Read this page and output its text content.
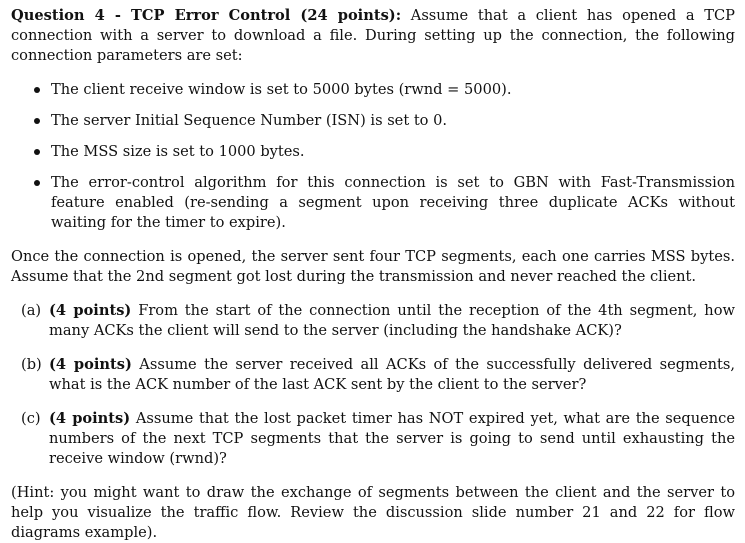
Question 4 - TCP Error Control (24 points): Assume that a client has opened a TCP connection with a server to download a file. During setting up the connection, the following connection parameters are set:

The client receive window is set to 5000 bytes (rwnd = 5000).
The server Initial Sequence Number (ISN) is set to 0.
The MSS size is set to 1000 bytes.
The error-control algorithm for this connection is set to GBN with Fast-Transmission feature enabled (re-sending a segment upon receiving three duplicate ACKs without waiting for the timer to expire).

Once the connection is opened, the server sent four TCP segments, each one carries MSS bytes. Assume that the 2nd segment got lost during the transmission and never reached the client.

(a) (4 points) From the start of the connection until the reception of the 4th segment, how many ACKs the client will send to the server (including the handshake ACK)?
(b) (4 points) Assume the server received all ACKs of the successfully delivered segments, what is the ACK number of the last ACK sent by the client to the server?
(c) (4 points) Assume that the lost packet timer has NOT expired yet, what are the sequence numbers of the next TCP segments that the server is going to send until exhausting the receive window (rwnd)?

(Hint: you might want to draw the exchange of segments between the client and the server to help you visualize the traffic flow. Review the discussion slide number 21 and 22 for flow diagrams example).
